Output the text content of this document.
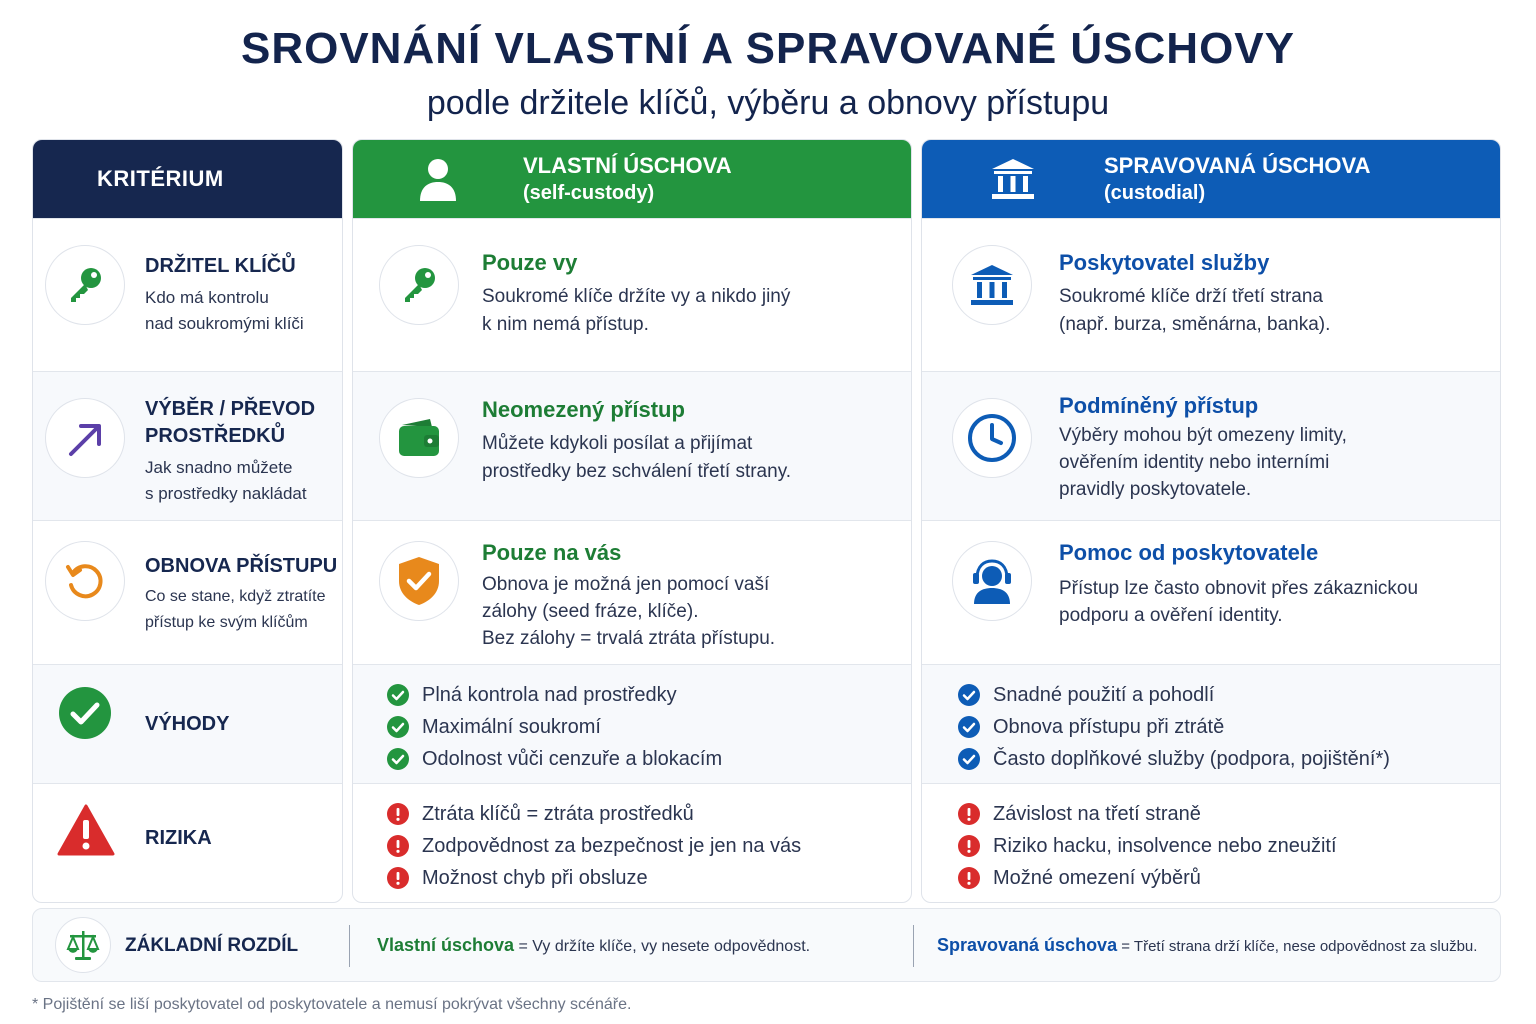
SROVNÁNÍ VLASTNÍ A SPRAVOVANÉ ÚSCHOVY
podle držitele klíčů, výběru a obnovy přístupu
KRITÉRIUM
DRŽITEL KLÍČŮ
Kdo má kontrolu
nad soukromými klíči
VÝBĚR / PŘEVOD
PROSTŘEDKŮ
Jak snadno můžete
s prostředky nakládat
OBNOVA PŘÍSTUPU
Co se stane, když ztratíte
přístup ke svým klíčům
VÝHODY
RIZIKA
VLASTNÍ ÚSCHOVA
(self-custody)
Pouze vy
Soukromé klíče držíte vy a nikdo jiný
k nim nemá přístup.
Neomezený přístup
Můžete kdykoli posílat a přijímat
prostředky bez schválení třetí strany.
Pouze na vás
Obnova je možná jen pomocí vaší
zálohy (seed fráze, klíče).
Bez zálohy = trvalá ztráta přístupu.
Plná kontrola nad prostředky
Maximální soukromí
Odolnost vůči cenzuře a blokacím
Ztráta klíčů = ztráta prostředků
Zodpovědnost za bezpečnost je jen na vás
Možnost chyb při obsluze
SPRAVOVANÁ ÚSCHOVA
(custodial)
Poskytovatel služby
Soukromé klíče drží třetí strana
(např. burza, směnárna, banka).
Podmíněný přístup
Výběry mohou být omezeny limity,
ověřením identity nebo interními
pravidly poskytovatele.
Pomoc od poskytovatele
Přístup lze často obnovit přes zákaznickou
podporu a ověření identity.
Snadné použití a pohodlí
Obnova přístupu při ztrátě
Často doplňkové služby (podpora, pojištění*)
Závislost na třetí straně
Riziko hacku, insolvence nebo zneužití
Možné omezení výběrů
ZÁKLADNÍ ROZDÍL	Vlastní úschova = Vy držíte klíče, vy nesete odpovědnost.	Spravovaná úschova = Třetí strana drží klíče, nese odpovědnost za službu.
* Pojištění se liší poskytovatel od poskytovatele a nemusí pokrývat všechny scénáře.
